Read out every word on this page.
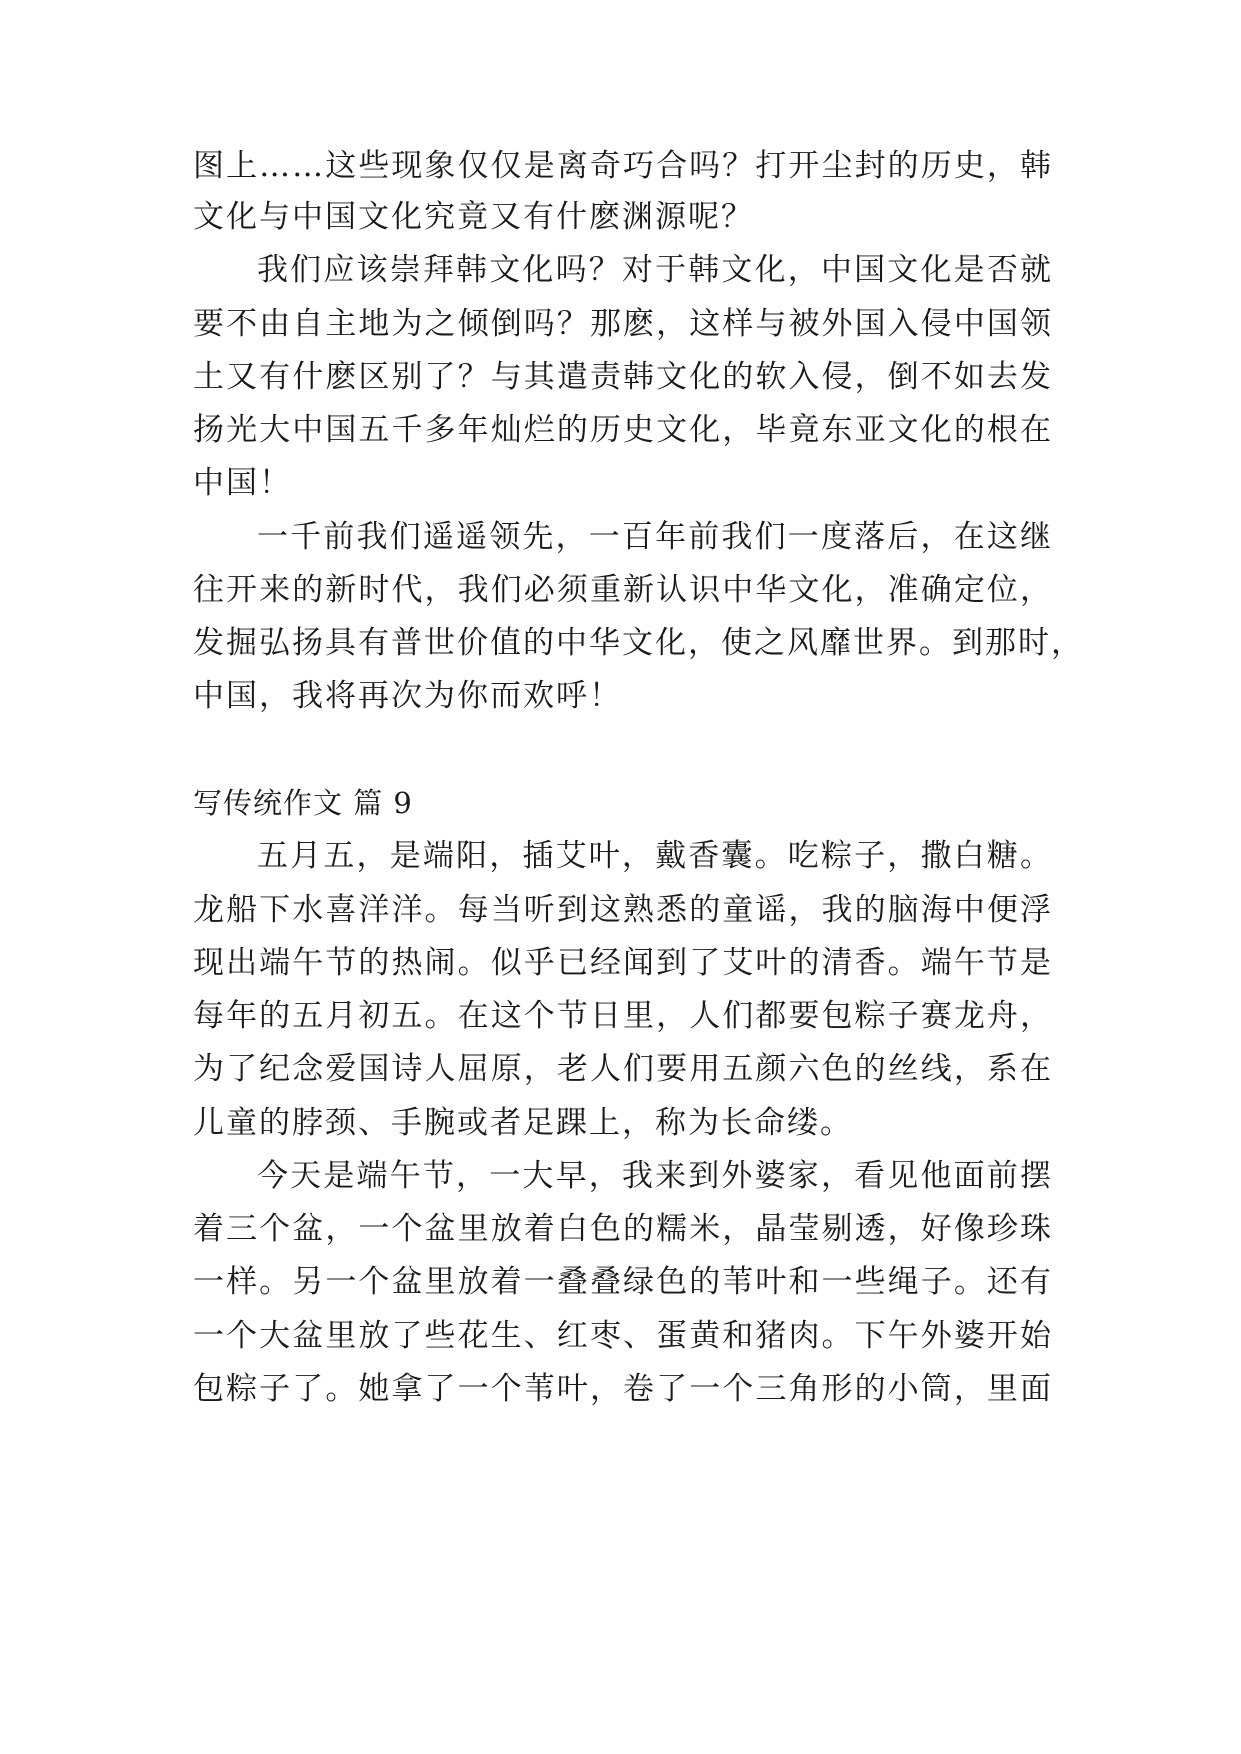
图上……这些现象仅仅是离奇巧合吗？打开尘封的历史，韩
文化与中国文化究竟又有什麽渊源呢？
我们应该崇拜韩文化吗？对于韩文化，中国文化是否就
要不由自主地为之倾倒吗？那麽，这样与被外国入侵中国领
土又有什麽区别了？与其遣责韩文化的软入侵，倒不如去发
扬光大中国五千多年灿烂的历史文化，毕竟东亚文化的根在
中国！
一千前我们遥遥领先，一百年前我们一度落后，在这继
往开来的新时代，我们必须重新认识中华文化，准确定位，
发掘弘扬具有普世价值的中华文化，使之风靡世界。到那时，
中国，我将再次为你而欢呼！
写传统作文 篇 9
五月五，是端阳，插艾叶，戴香囊。吃粽子，撒白糖。
龙船下水喜洋洋。每当听到这熟悉的童谣，我的脑海中便浮
现出端午节的热闹。似乎已经闻到了艾叶的清香。端午节是
每年的五月初五。在这个节日里，人们都要包粽子赛龙舟，
为了纪念爱国诗人屈原，老人们要用五颜六色的丝线，系在
儿童的脖颈、手腕或者足踝上，称为长命缕。
今天是端午节，一大早，我来到外婆家，看见他面前摆
着三个盆，一个盆里放着白色的糯米，晶莹剔透，好像珍珠
一样。另一个盆里放着一叠叠绿色的苇叶和一些绳子。还有
一个大盆里放了些花生、红枣、蛋黄和猪肉。下午外婆开始
包粽子了。她拿了一个苇叶，卷了一个三角形的小筒，里面
